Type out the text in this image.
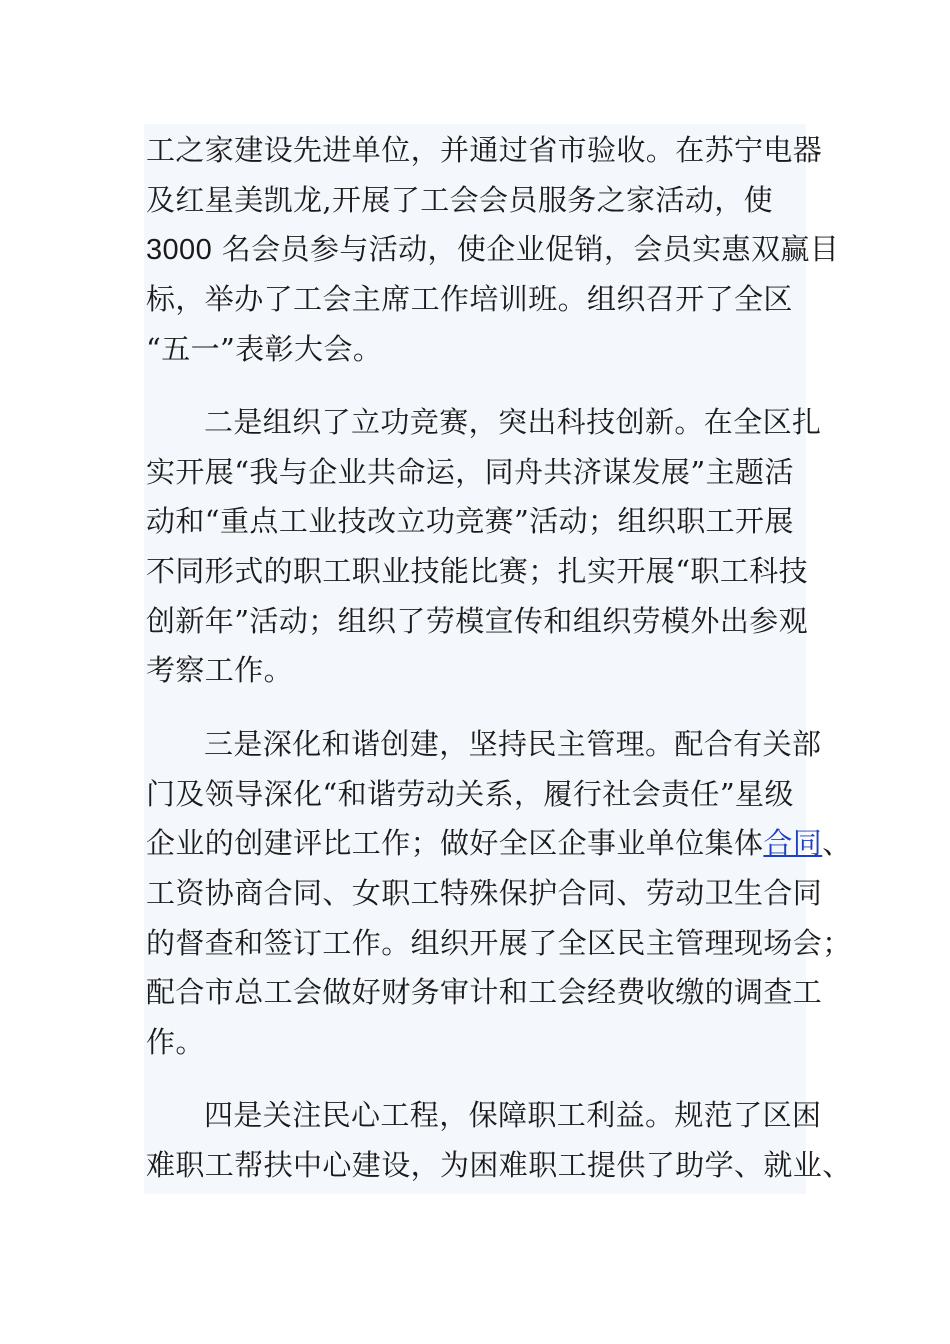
工之家建设先进单位，并通过省市验收。在苏宁电器
及红星美凯龙,开展了工会会员服务之家活动，使
3000 名会员参与活动，使企业促销，会员实惠双赢目
标，举办了工会主席工作培训班。组织召开了全区
“五一”表彰大会。
二是组织了立功竞赛，突出科技创新。在全区扎
实开展“我与企业共命运，同舟共济谋发展”主题活
动和“重点工业技改立功竞赛”活动；组织职工开展
不同形式的职工职业技能比赛；扎实开展“职工科技
创新年”活动；组织了劳模宣传和组织劳模外出参观
考察工作。
三是深化和谐创建，坚持民主管理。配合有关部
门及领导深化“和谐劳动关系，履行社会责任”星级
企业的创建评比工作；做好全区企事业单位集体合同、
工资协商合同、女职工特殊保护合同、劳动卫生合同
的督查和签订工作。组织开展了全区民主管理现场会；
配合市总工会做好财务审计和工会经费收缴的调查工
作。
四是关注民心工程，保障职工利益。规范了区困
难职工帮扶中心建设，为困难职工提供了助学、就业、
